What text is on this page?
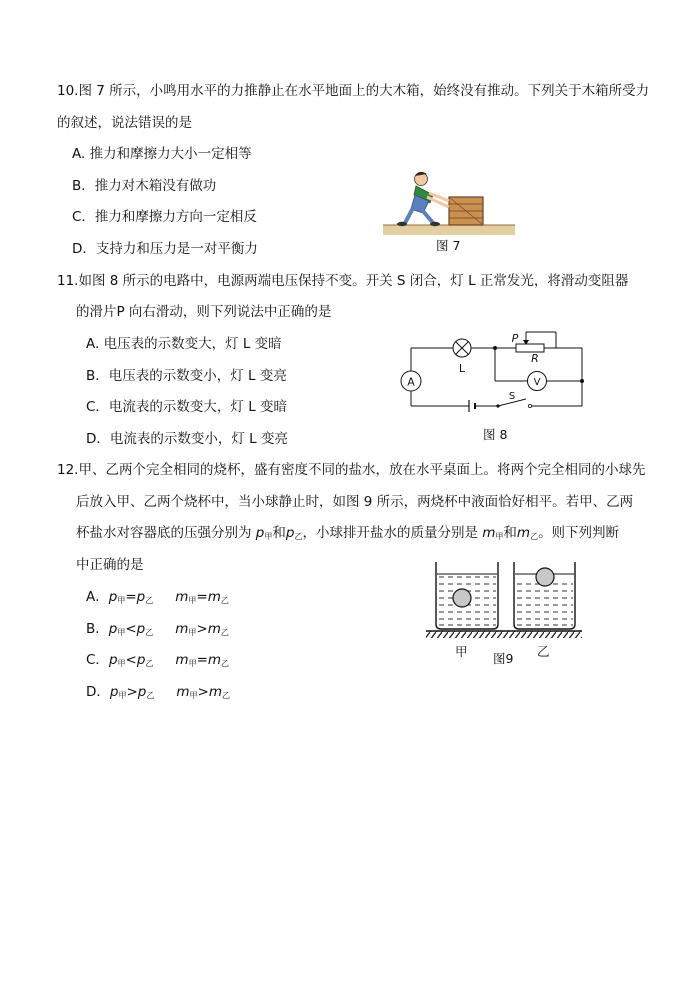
10.图 7 所示，小鸣用水平的力推静止在水平地面上的大木箱，始终没有推动。下列关于木箱所受力
的叙述，说法错误的是
A. 推力和摩擦力大小一定相等
B．推力对木箱没有做功
C．推力和摩擦力方向一定相反
D．支持力和压力是一对平衡力	图 7
11.如图 8 所示的电路中，电源两端电压保持不变。开关 S 闭合，灯 L 正常发光，将滑动变阻器
的滑片P 向右滑动，则下列说法中正确的是
A. 电压表的示数变大，灯 L 变暗
B．电压表的示数变小，灯 L 变亮
C．电流表的示数变大，灯 L 变暗
D．电流表的示数变小，灯 L 变亮
A	V
L
P
R
S
图 8
12.甲、乙两个完全相同的烧杯，盛有密度不同的盐水，放在水平桌面上。将两个完全相同的小球先
后放入甲、乙两个烧杯中，当小球静止时，如图 9 所示，两烧杯中液面恰好相平。若甲、乙两
杯盐水对容器底的压强分别为 $p_甲$和$p_乙$，小球排开盐水的质量分别是 $m_甲$和$m_乙$。则下列判断
中正确的是
A．$p_甲=p_乙$ $m_甲=m_乙$
B．$p_甲<p_乙$ $m_甲>m_乙$
C．$p_甲<p_乙$ $m_甲=m_乙$
D．$p_甲>p_乙$ $m_甲>m_乙$
甲 图9 乙
